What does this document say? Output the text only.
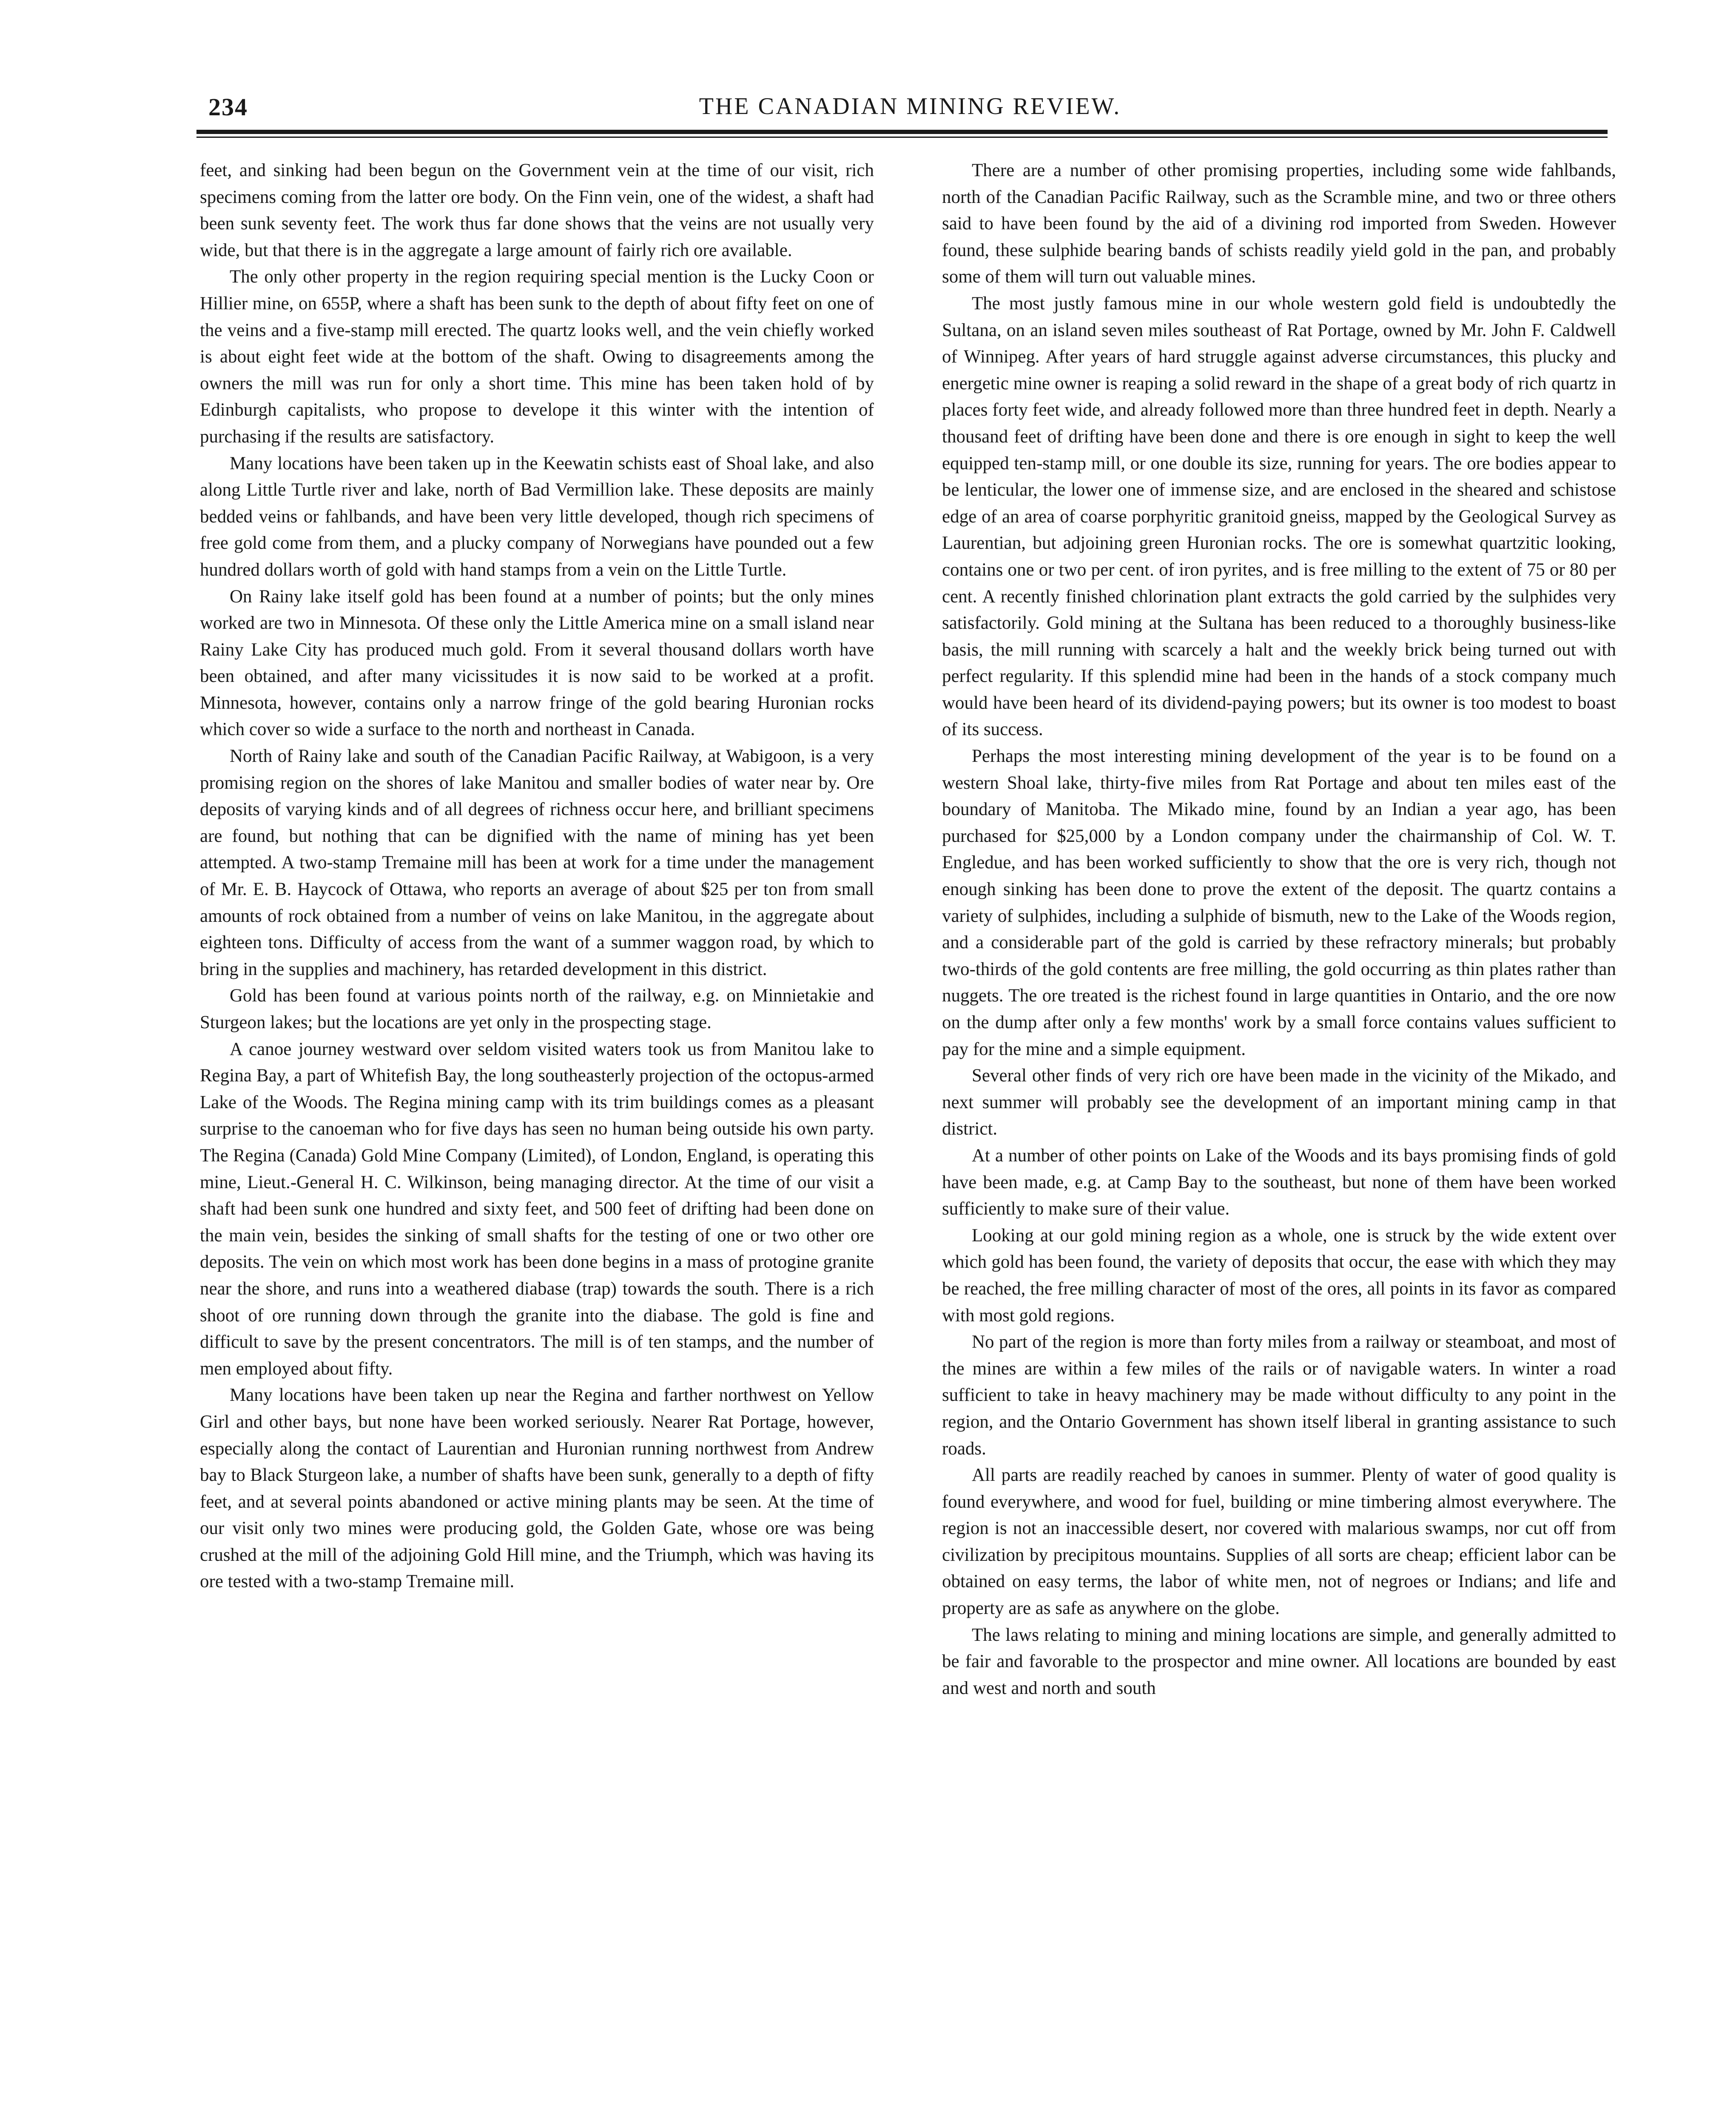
234	THE CANADIAN MINING REVIEW.

feet, and sinking had been begun on the Government vein at the time of our visit, rich specimens coming from the latter ore body. On the Finn vein, one of the widest, a shaft had been sunk seventy feet. The work thus far done shows that the veins are not usually very wide, but that there is in the aggregate a large amount of fairly rich ore available.

The only other property in the region requiring special mention is the Lucky Coon or Hillier mine, on 655P, where a shaft has been sunk to the depth of about fifty feet on one of the veins and a five-stamp mill erected. The quartz looks well, and the vein chiefly worked is about eight feet wide at the bottom of the shaft. Owing to disagreements among the owners the mill was run for only a short time. This mine has been taken hold of by Edinburgh capitalists, who propose to develope it this winter with the intention of purchasing if the results are satisfactory.

Many locations have been taken up in the Keewatin schists east of Shoal lake, and also along Little Turtle river and lake, north of Bad Vermillion lake. These deposits are mainly bedded veins or fahlbands, and have been very little developed, though rich specimens of free gold come from them, and a plucky company of Norwegians have pounded out a few hundred dollars worth of gold with hand stamps from a vein on the Little Turtle.

On Rainy lake itself gold has been found at a number of points; but the only mines worked are two in Minnesota. Of these only the Little America mine on a small island near Rainy Lake City has produced much gold. From it several thousand dollars worth have been obtained, and after many vicissitudes it is now said to be worked at a profit. Minnesota, however, contains only a narrow fringe of the gold bearing Huronian rocks which cover so wide a surface to the north and northeast in Canada.

North of Rainy lake and south of the Canadian Pacific Railway, at Wabigoon, is a very promising region on the shores of lake Manitou and smaller bodies of water near by. Ore deposits of varying kinds and of all degrees of richness occur here, and brilliant specimens are found, but nothing that can be dignified with the name of mining has yet been attempted. A two-stamp Tremaine mill has been at work for a time under the management of Mr. E. B. Haycock of Ottawa, who reports an average of about $25 per ton from small amounts of rock obtained from a number of veins on lake Manitou, in the aggregate about eighteen tons. Difficulty of access from the want of a summer waggon road, by which to bring in the supplies and machinery, has retarded development in this district.

Gold has been found at various points north of the railway, e.g. on Minnietakie and Sturgeon lakes; but the locations are yet only in the prospecting stage.

A canoe journey westward over seldom visited waters took us from Manitou lake to Regina Bay, a part of Whitefish Bay, the long southeasterly projection of the octopus-armed Lake of the Woods. The Regina mining camp with its trim buildings comes as a pleasant surprise to the canoeman who for five days has seen no human being outside his own party. The Regina (Canada) Gold Mine Company (Limited), of London, England, is operating this mine, Lieut.-General H. C. Wilkinson, being managing director. At the time of our visit a shaft had been sunk one hundred and sixty feet, and 500 feet of drifting had been done on the main vein, besides the sinking of small shafts for the testing of one or two other ore deposits. The vein on which most work has been done begins in a mass of protogine granite near the shore, and runs into a weathered diabase (trap) towards the south. There is a rich shoot of ore running down through the granite into the diabase. The gold is fine and difficult to save by the present concentrators. The mill is of ten stamps, and the number of men employed about fifty.

Many locations have been taken up near the Regina and farther northwest on Yellow Girl and other bays, but none have been worked seriously. Nearer Rat Portage, however, especially along the contact of Laurentian and Huronian running northwest from Andrew bay to Black Sturgeon lake, a number of shafts have been sunk, generally to a depth of fifty feet, and at several points abandoned or active mining plants may be seen. At the time of our visit only two mines were producing gold, the Golden Gate, whose ore was being crushed at the mill of the adjoining Gold Hill mine, and the Triumph, which was having its ore tested with a two-stamp Tremaine mill.

There are a number of other promising properties, including some wide fahlbands, north of the Canadian Pacific Railway, such as the Scramble mine, and two or three others said to have been found by the aid of a divining rod imported from Sweden. However found, these sulphide bearing bands of schists readily yield gold in the pan, and probably some of them will turn out valuable mines.

The most justly famous mine in our whole western gold field is undoubtedly the Sultana, on an island seven miles southeast of Rat Portage, owned by Mr. John F. Caldwell of Winnipeg. After years of hard struggle against adverse circumstances, this plucky and energetic mine owner is reaping a solid reward in the shape of a great body of rich quartz in places forty feet wide, and already followed more than three hundred feet in depth. Nearly a thousand feet of drifting have been done and there is ore enough in sight to keep the well equipped ten-stamp mill, or one double its size, running for years. The ore bodies appear to be lenticular, the lower one of immense size, and are enclosed in the sheared and schistose edge of an area of coarse porphyritic granitoid gneiss, mapped by the Geological Survey as Laurentian, but adjoining green Huronian rocks. The ore is somewhat quartzitic looking, contains one or two per cent. of iron pyrites, and is free milling to the extent of 75 or 80 per cent. A recently finished chlorination plant extracts the gold carried by the sulphides very satisfactorily. Gold mining at the Sultana has been reduced to a thoroughly business-like basis, the mill running with scarcely a halt and the weekly brick being turned out with perfect regularity. If this splendid mine had been in the hands of a stock company much would have been heard of its dividend-paying powers; but its owner is too modest to boast of its success.

Perhaps the most interesting mining development of the year is to be found on a western Shoal lake, thirty-five miles from Rat Portage and about ten miles east of the boundary of Manitoba. The Mikado mine, found by an Indian a year ago, has been purchased for $25,000 by a London company under the chairmanship of Col. W. T. Engledue, and has been worked sufficiently to show that the ore is very rich, though not enough sinking has been done to prove the extent of the deposit. The quartz contains a variety of sulphides, including a sulphide of bismuth, new to the Lake of the Woods region, and a considerable part of the gold is carried by these refractory minerals; but probably two-thirds of the gold contents are free milling, the gold occurring as thin plates rather than nuggets. The ore treated is the richest found in large quantities in Ontario, and the ore now on the dump after only a few months' work by a small force contains values sufficient to pay for the mine and a simple equipment.

Several other finds of very rich ore have been made in the vicinity of the Mikado, and next summer will probably see the development of an important mining camp in that district.

At a number of other points on Lake of the Woods and its bays promising finds of gold have been made, e.g. at Camp Bay to the southeast, but none of them have been worked sufficiently to make sure of their value.

Looking at our gold mining region as a whole, one is struck by the wide extent over which gold has been found, the variety of deposits that occur, the ease with which they may be reached, the free milling character of most of the ores, all points in its favor as compared with most gold regions.

No part of the region is more than forty miles from a railway or steamboat, and most of the mines are within a few miles of the rails or of navigable waters. In winter a road sufficient to take in heavy machinery may be made without difficulty to any point in the region, and the Ontario Government has shown itself liberal in granting assistance to such roads.

All parts are readily reached by canoes in summer. Plenty of water of good quality is found everywhere, and wood for fuel, building or mine timbering almost everywhere. The region is not an inaccessible desert, nor covered with malarious swamps, nor cut off from civilization by precipitous mountains. Supplies of all sorts are cheap; efficient labor can be obtained on easy terms, the labor of white men, not of negroes or Indians; and life and property are as safe as anywhere on the globe.

The laws relating to mining and mining locations are simple, and generally admitted to be fair and favorable to the prospector and mine owner. All locations are bounded by east and west and north and south
